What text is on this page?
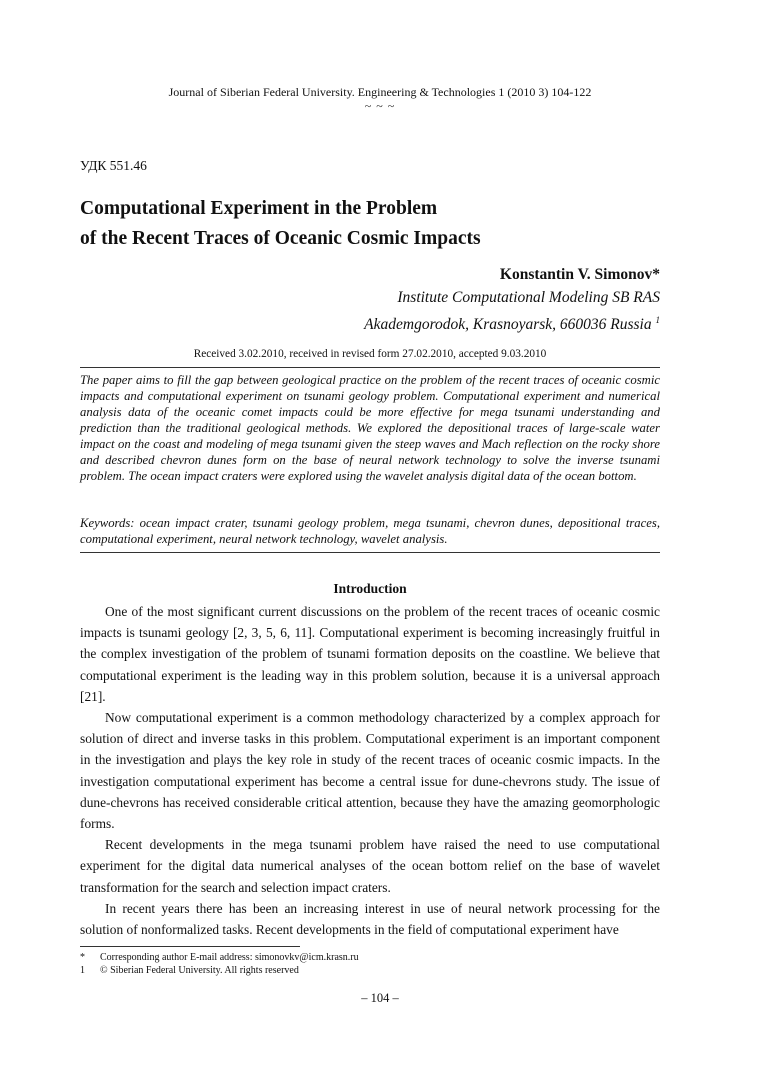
Journal of Siberian Federal University. Engineering & Technologies 1 (2010 3) 104-122
~ ~ ~
УДК 551.46
Computational Experiment in the Problem
of the Recent Traces of Oceanic Cosmic Impacts
Konstantin V. Simonov*
Institute Computational Modeling SB RAS
Akademgorodok, Krasnoyarsk, 660036 Russia $^1$
Received 3.02.2010, received in revised form 27.02.2010, accepted 9.03.2010
The paper aims to fill the gap between geological practice on the problem of the recent traces of oceanic cosmic impacts and computational experiment on tsunami geology problem. Computational experiment and numerical analysis data of the oceanic comet impacts could be more effective for mega tsunami understanding and prediction than the traditional geological methods. We explored the depositional traces of large-scale water impact on the coast and modeling of mega tsunami given the steep waves and Mach reflection on the rocky shore and described chevron dunes form on the base of neural network technology to solve the inverse tsunami problem. The ocean impact craters were explored using the wavelet analysis digital data of the ocean bottom.
Keywords: ocean impact crater, tsunami geology problem, mega tsunami, chevron dunes, depositional traces, computational experiment, neural network technology, wavelet analysis.
Introduction

One of the most significant current discussions on the problem of the recent traces of oceanic cosmic impacts is tsunami geology [2, 3, 5, 6, 11]. Computational experiment is becoming increasingly fruitful in the complex investigation of the problem of tsunami formation deposits on the coastline. We believe that computational experiment is the leading way in this problem solution, because it is a universal approach [21].

Now computational experiment is a common methodology characterized by a complex approach for solution of direct and inverse tasks in this problem. Computational experiment is an important component in the investigation and plays the key role in study of the recent traces of oceanic cosmic impacts. In the investigation computational experiment has become a central issue for dune-chevrons study. The issue of dune-chevrons has received considerable critical attention, because they have the amazing geomorphologic forms.

Recent developments in the mega tsunami problem have raised the need to use computational experiment for the digital data numerical analyses of the ocean bottom relief on the base of wavelet transformation for the search and selection impact craters.

In recent years there has been an increasing interest in use of neural network processing for the solution of nonformalized tasks. Recent developments in the field of computational experiment have

*	Corresponding author E-mail address: simonovkv@icm.krasn.ru
1	© Siberian Federal University. All rights reserved
– 104 –
